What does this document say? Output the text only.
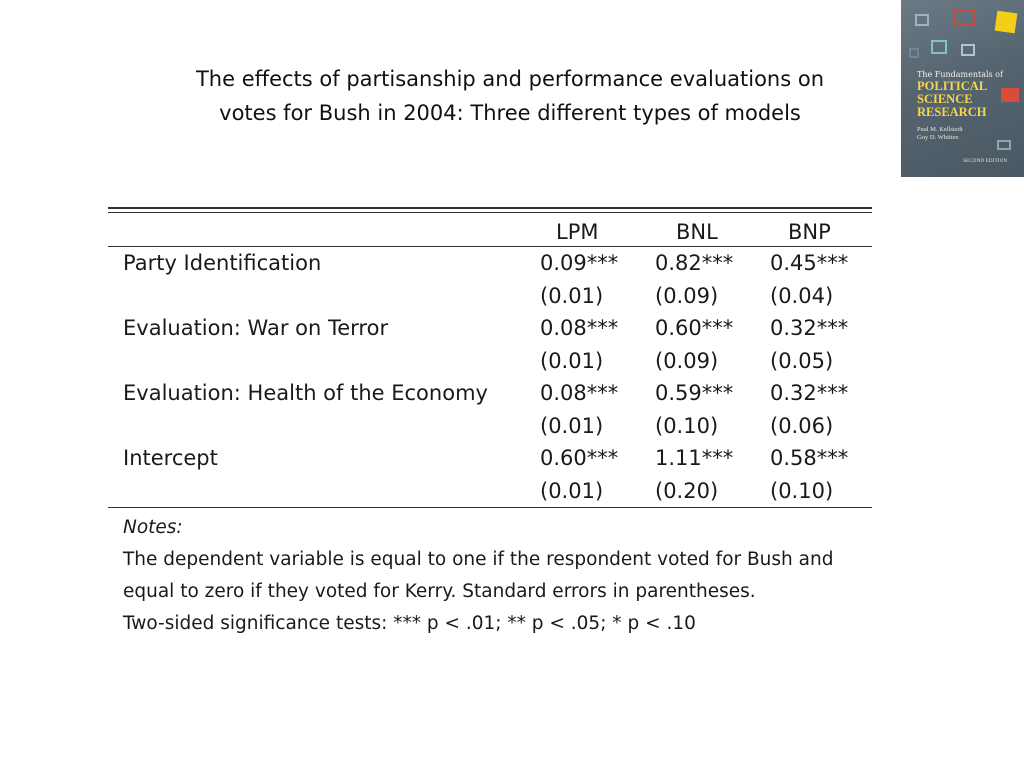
The effects of partisanship and performance evaluations on
votes for Bush in 2004: Three different types of models
The Fundamentals of
POLITICAL
SCIENCE
RESEARCH
Paul M. Kellstedt
Guy D. Whitten
SECOND EDITION
LPM	BNL	BNP
Party Identification	0.09*** 0.82*** 0.45***
(0.01) (0.09) (0.04)
Evaluation: War on Terror	0.08*** 0.60*** 0.32***
(0.01) (0.09) (0.05)
Evaluation: Health of the Economy 0.08*** 0.59*** 0.32***
(0.01) (0.10) (0.06)
Intercept	0.60*** 1.11*** 0.58***
(0.01) (0.20) (0.10)
Notes:
The dependent variable is equal to one if the respondent voted for Bush and
equal to zero if they voted for Kerry. Standard errors in parentheses.
Two-sided significance tests: *** p < .01; ** p < .05; * p < .10
